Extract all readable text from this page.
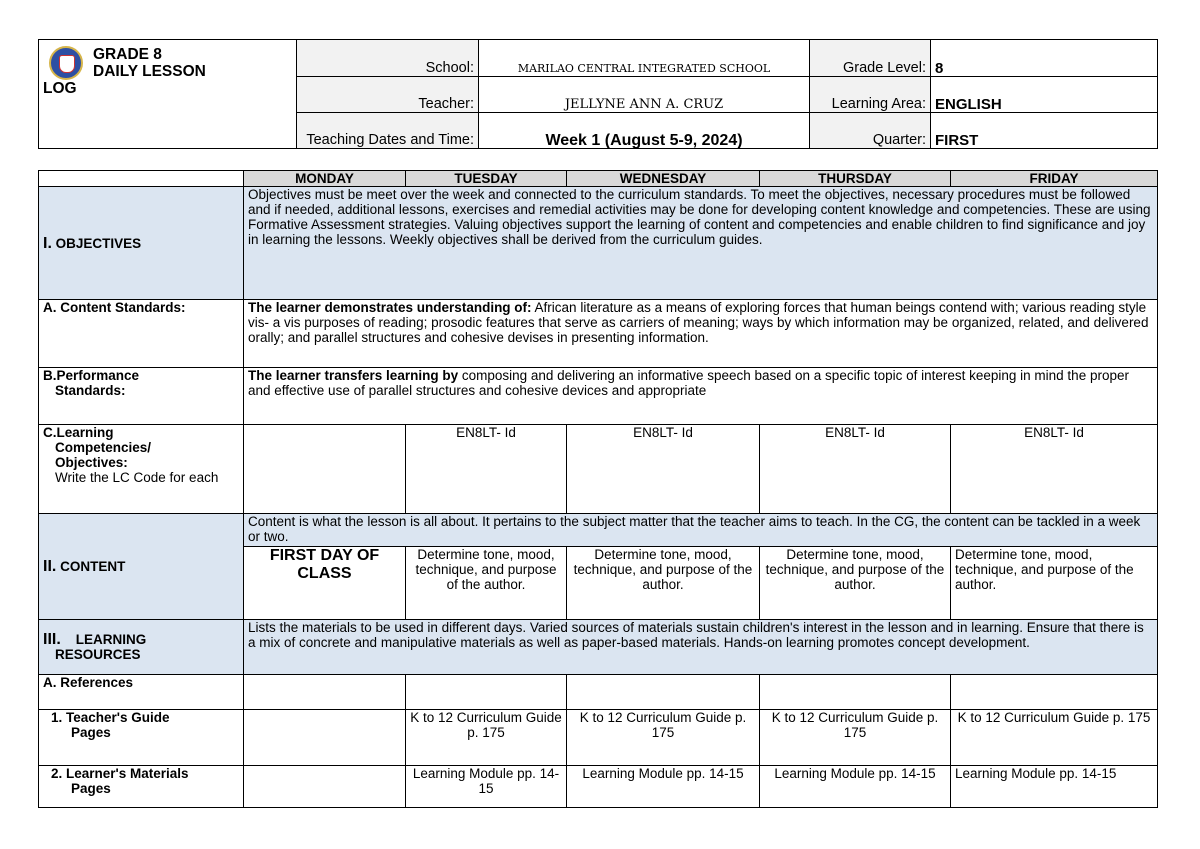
GRADE 8
DAILY LESSON
LOG	School:	MARILAO CENTRAL INTEGRATED SCHOOL	Grade Level:	8
	Teacher:	JELLYNE ANN A. CRUZ	Learning Area:	ENGLISH
	Teaching Dates and Time:	Week 1 (August 5-9, 2024)	Quarter:	FIRST
	MONDAY	TUESDAY	WEDNESDAY	THURSDAY	FRIDAY
I. OBJECTIVES	Objectives must be meet over the week and connected to the curriculum standards. To meet the objectives, necessary procedures must be followed and if needed, additional lessons, exercises and remedial activities may be done for developing content knowledge and competencies. These are using Formative Assessment strategies. Valuing objectives support the learning of content and competencies and enable children to find significance and joy in learning the lessons. Weekly objectives shall be derived from the curriculum guides.				
A. Content Standards:	The learner demonstrates understanding of: African literature as a means of exploring forces that human beings contend with; various reading style vis- a vis purposes of reading; prosodic features that serve as carriers of meaning; ways by which information may be organized, related, and delivered orally; and parallel structures and cohesive devises in presenting information.				

B.Performance
Standards:	The learner transfers learning by composing and delivering an informative speech based on a specific topic of interest keeping in mind the proper and effective use of parallel structures and cohesive devices and appropriate				

C.Learning
Competencies/
Objectives:
Write the LC Code for each		EN8LT- Id	EN8LT- Id	EN8LT- Id	EN8LT- Id
II. CONTENT	Content is what the lesson is all about. It pertains to the subject matter that the teacher aims to teach. In the CG, the content can be tackled in a week or two.				
	FIRST DAY OF CLASS	Determine tone, mood, technique, and purpose of the author.	Determine tone, mood, technique, and purpose of the author.	Determine tone, mood, technique, and purpose of the author.	Determine tone, mood, technique, and purpose of the author.

III. LEARNING
RESOURCES	Lists the materials to be used in different days. Varied sources of materials sustain children's interest in the lesson and in learning. Ensure that there is a mix of concrete and manipulative materials as well as paper-based materials. Hands-on learning promotes concept development.				
A. References					

1. Teacher's Guide
Pages		K to 12 Curriculum Guide p. 175	K to 12 Curriculum Guide p. 175	K to 12 Curriculum Guide p. 175	K to 12 Curriculum Guide p. 175

2. Learner's Materials
Pages		Learning Module pp. 14-15	Learning Module pp. 14-15	Learning Module pp. 14-15	Learning Module pp. 14-15
